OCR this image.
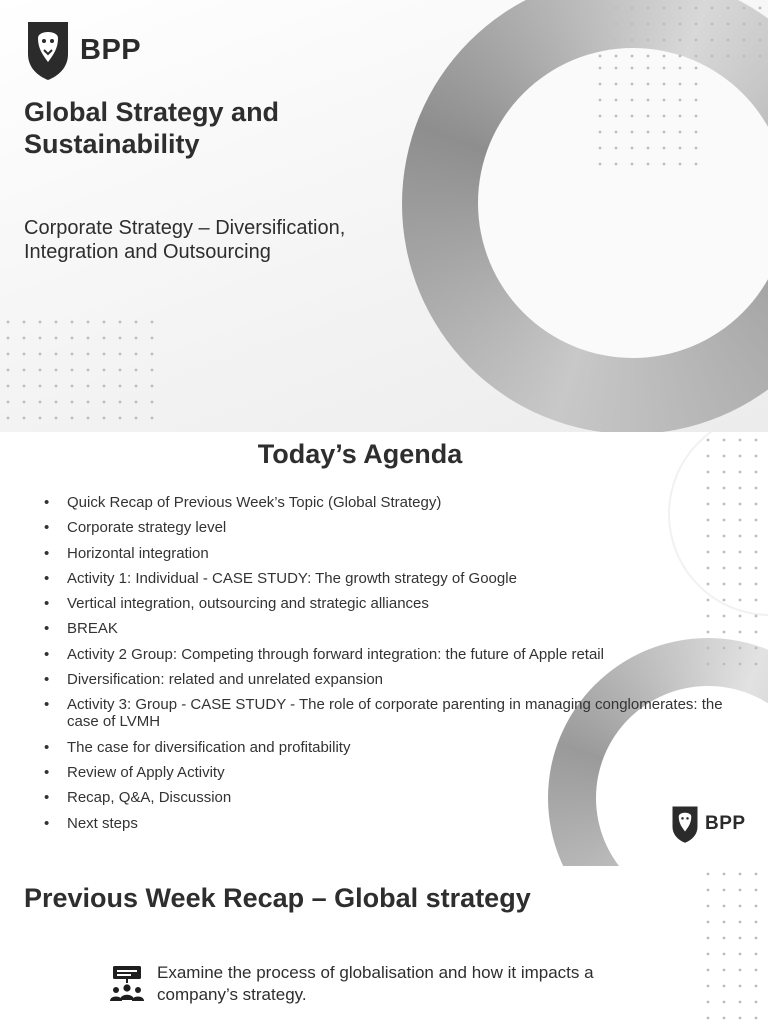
BPP
Global Strategy and Sustainability

Corporate Strategy – Diversification, Integration and Outsourcing

Today’s Agenda
• Quick Recap of Previous Week’s Topic (Global Strategy)
• Corporate strategy level
• Horizontal integration
• Activity 1: Individual - CASE STUDY: The growth strategy of Google
• Vertical integration, outsourcing and strategic alliances
• BREAK
• Activity 2 Group: Competing through forward integration: the future of Apple retail
• Diversification: related and unrelated expansion
• Activity 3: Group - CASE STUDY - The role of corporate parenting in managing conglomerates: the case of LVMH
• The case for diversification and profitability
• Review of Apply Activity
• Recap, Q&A, Discussion
• Next steps	BPP
Previous Week Recap – Global strategy

Examine the process of globalisation and how it impacts a company’s strategy.
